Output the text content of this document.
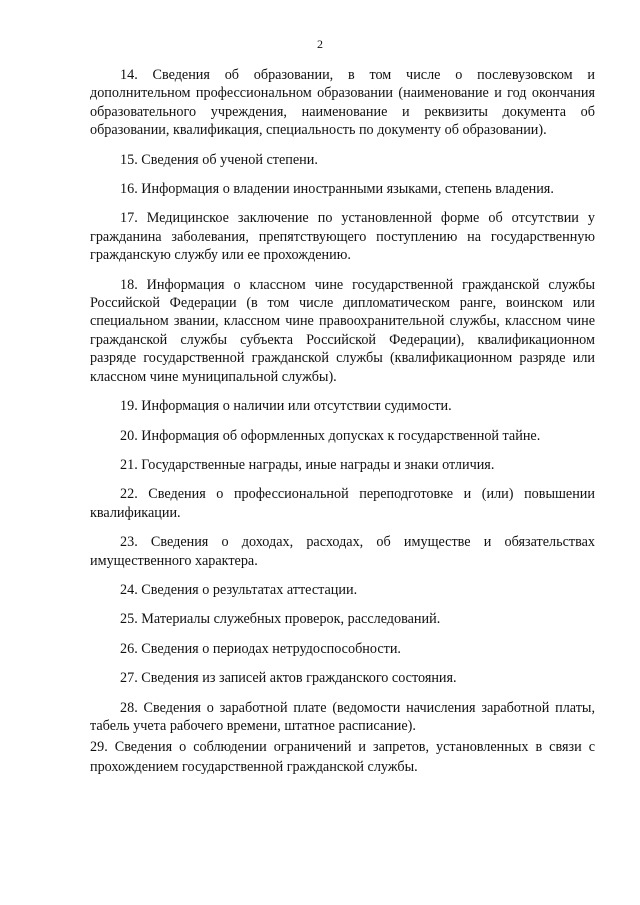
2

14. Сведения об образовании, в том числе о послевузовском и дополнительном профессиональном образовании (наименование и год окончания образовательного учреждения, наименование и реквизиты документа об образовании, квалификация, специальность по документу об образовании).

15. Сведения об ученой степени.

16. Информация о владении иностранными языками, степень владения.

17. Медицинское заключение по установленной форме об отсутствии у гражданина заболевания, препятствующего поступлению на государственную гражданскую службу или ее прохождению.

18. Информация о классном чине государственной гражданской службы Российской Федерации (в том числе дипломатическом ранге, воинском или специальном звании, классном чине правоохранительной службы, классном чине гражданской службы субъекта Российской Федерации), квалификационном разряде государственной гражданской службы (квалификационном разряде или классном чине муниципальной службы).

19. Информация о наличии или отсутствии судимости.

20. Информация об оформленных допусках к государственной тайне.

21. Государственные награды, иные награды и знаки отличия.

22. Сведения о профессиональной переподготовке и (или) повышении квалификации.

23. Сведения о доходах, расходах, об имуществе и обязательствах имущественного характера.

24. Сведения о результатах аттестации.

25. Материалы служебных проверок, расследований.

26. Сведения о периодах нетрудоспособности.

27. Сведения из записей актов гражданского состояния.

28. Сведения о заработной плате (ведомости начисления заработной платы, табель учета рабочего времени, штатное расписание).

29. Сведения о соблюдении ограничений и запретов, установленных в связи с прохождением государственной гражданской службы.
